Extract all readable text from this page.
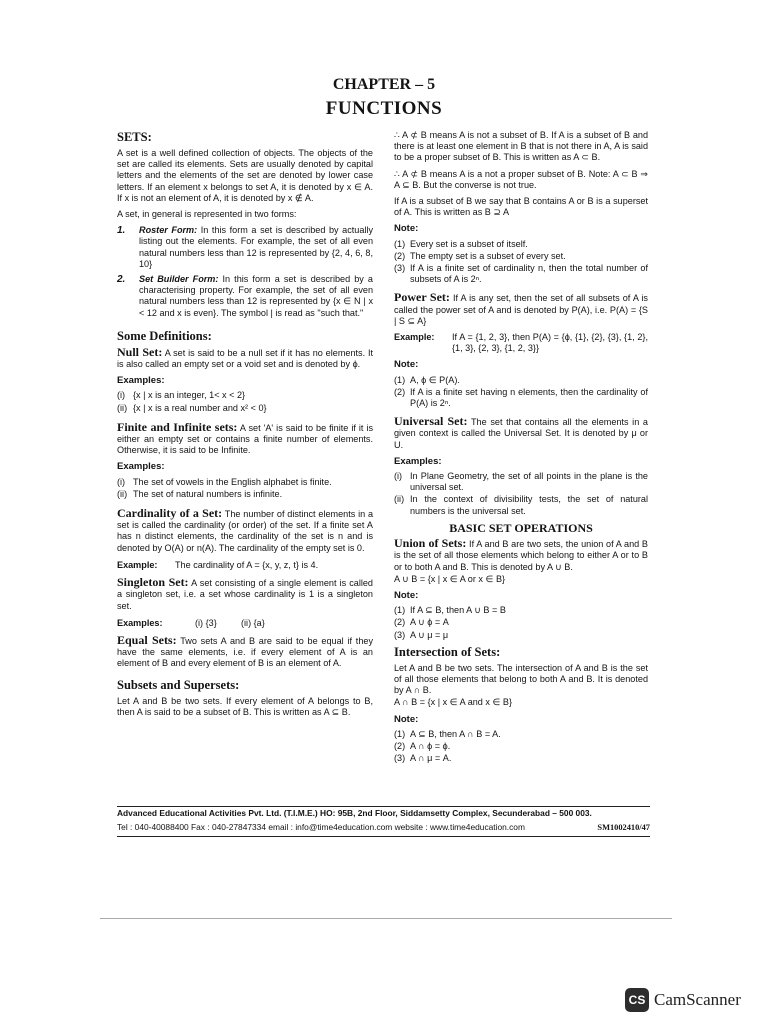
CHAPTER – 5
FUNCTIONS
SETS:

A set is a well defined collection of objects. The objects of the set are called its elements. Sets are usually denoted by capital letters and the elements of the set are denoted by lower case letters. If an element x belongs to set A, it is denoted by x ∈ A. If x is not an element of A, it is denoted by x ∉ A.

A set, in general is represented in two forms:

1.	Roster Form: In this form a set is described by actually listing out the elements. For example, the set of all even natural numbers less than 12 is represented by {2, 4, 6, 8, 10}
2.	Set Builder Form: In this form a set is described by a characterising property. For example, the set of all even natural numbers less than 12 is represented by {x ∈ N | x < 12 and x is even}. The symbol | is read as "such that."
Some Definitions:

Null Set: A set is said to be a null set if it has no elements. It is also called an empty set or a void set and is denoted by ϕ.

Examples:
(i) {x | x is an integer, 1< x < 2}
(ii) {x | x is a real number and x² < 0}

Finite and Infinite sets: A set 'A' is said to be finite if it is either an empty set or contains a finite number of elements. Otherwise, it is said to be Infinite.

Examples:
(i) The set of vowels in the English alphabet is finite.
(ii) The set of natural numbers is infinite.

Cardinality of a Set: The number of distinct elements in a set is called the cardinality (or order) of the set. If a finite set A has n distinct elements, the cardinality of the set is n and is denoted by O(A) or n(A). The cardinality of the empty set is 0.

Example:	The cardinality of A = {x, y, z, t} is 4.

Singleton Set: A set consisting of a single element is called a singleton set, i.e. a set whose cardinality is 1 is a singleton set.

Examples:	(i) {3}	(ii) {a}

Equal Sets: Two sets A and B are said to be equal if they have the same elements, i.e. if every element of A is an element of B and every element of B is an element of A.

Subsets and Supersets:

Let A and B be two sets. If every element of A belongs to B, then A is said to be a subset of B. This is written as A ⊆ B.

∴ A ⊄ B means A is not a subset of B. If A is a subset of B and there is at least one element in B that is not there in A, A is said to be a proper subset of B. This is written as A ⊂ B.

∴ A ⊄ B means A is a not a proper subset of B. Note: A ⊂ B ⇒ A ⊆ B. But the converse is not true.

If A is a subset of B we say that B contains A or B is a superset of A. This is written as B ⊇ A

Note:
(1) Every set is a subset of itself.
(2) The empty set is a subset of every set.
(3) If A is a finite set of cardinality n, then the total number of subsets of A is 2ⁿ.

Power Set: If A is any set, then the set of all subsets of A is called the power set of A and is denoted by P(A), i.e. P(A) = {S | S ⊆ A}

Example:	If A = {1, 2, 3}, then P(A) = {ϕ, {1}, {2}, {3}, {1, 2}, {1, 3}, {2, 3}, {1, 2, 3}}
Note:
(1) A, ϕ ∈ P(A).
(2) If A is a finite set having n elements, then the cardinality of P(A) is 2ⁿ.

Universal Set: The set that contains all the elements in a given context is called the Universal Set. It is denoted by μ or U.

Examples:
(i) In Plane Geometry, the set of all points in the plane is the universal set.
(ii) In the context of divisibility tests, the set of natural numbers is the universal set.
BASIC SET OPERATIONS

Union of Sets: If A and B are two sets, the union of A and B is the set of all those elements which belong to either A or to B or to both A and B. This is denoted by A ∪ B.

A ∪ B = {x | x ∈ A or x ∈ B}

Note:
(1) If A ⊆ B, then A ∪ B = B
(2) A ∪ ϕ = A
(3) A ∪ μ = μ
Intersection of Sets:

Let A and B be two sets. The intersection of A and B is the set of all those elements that belong to both A and B. It is denoted by A ∩ B.

A ∩ B = {x | x ∈ A and x ∈ B}

Note:
(1) A ⊆ B, then A ∩ B = A.
(2) A ∩ ϕ = ϕ.
(3) A ∩ μ = A.
Advanced Educational Activities Pvt. Ltd. (T.I.M.E.) HO: 95B, 2nd Floor, Siddamsetty Complex, Secunderabad – 500 003.
Tel : 040-40088400 Fax : 040-27847334 email : info@time4education.com website : www.time4education.com	SM1002410/47
CS CamScanner
